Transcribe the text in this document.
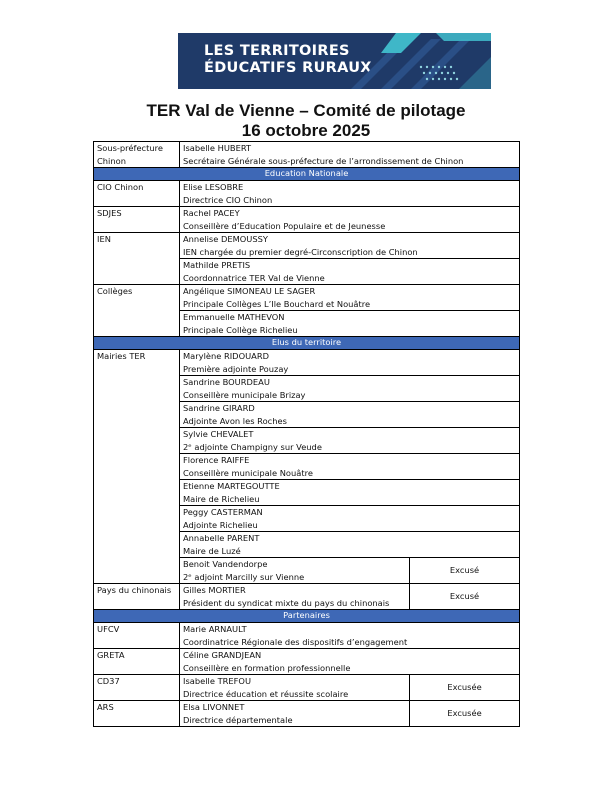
LES TERRITOIRES
ÉDUCATIFS RURAUX
TER Val de Vienne – Comité de pilotage
16 octobre 2025
Sous-préfecture
Chinon	Isabelle HUBERT
Secrétaire Générale sous-préfecture de l’arrondissement de Chinon	

Education Nationale		

CIO Chinon	Elise LESOBRE
Directrice CIO Chinon	

SDJES	Rachel PACEY
Conseillère d’Education Populaire et de Jeunesse	

IEN	Annelise DEMOUSSY
IEN chargée du premier degré-Circonscription de Chinon	

	Mathilde PRETIS
Coordonnatrice TER Val de Vienne	

Collèges	Angélique SIMONEAU LE SAGER
Principale Collèges L’Ile Bouchard et Nouâtre	

	Emmanuelle MATHEVON
Principale Collège Richelieu	

Elus du territoire		

Mairies TER	Marylène RIDOUARD
Première adjointe Pouzay	

	Sandrine BOURDEAU
Conseillère municipale Brizay	

	Sandrine GIRARD
Adjointe Avon les Roches	

	Sylvie CHEVALET
2ᵉ adjointe Champigny sur Veude	

	Florence RAIFFE
Conseillère municipale Nouâtre	

	Etienne MARTEGOUTTE
Maire de Richelieu	

	Peggy CASTERMAN
Adjointe Richelieu	

	Annabelle PARENT
Maire de Luzé	

	Benoit Vandendorpe
2ᵉ adjoint Marcilly sur Vienne	Excusé

Pays du chinonais	Gilles MORTIER
Président du syndicat mixte du pays du chinonais	Excusé
Partenaires		

UFCV	Marie ARNAULT
Coordinatrice Régionale des dispositifs d’engagement	

GRETA	Céline GRANDJEAN
Conseillère en formation professionnelle	

CD37	Isabelle TREFOU
Directrice éducation et réussite scolaire	Excusée

ARS	Elsa LIVONNET
Directrice départementale	Excusée
